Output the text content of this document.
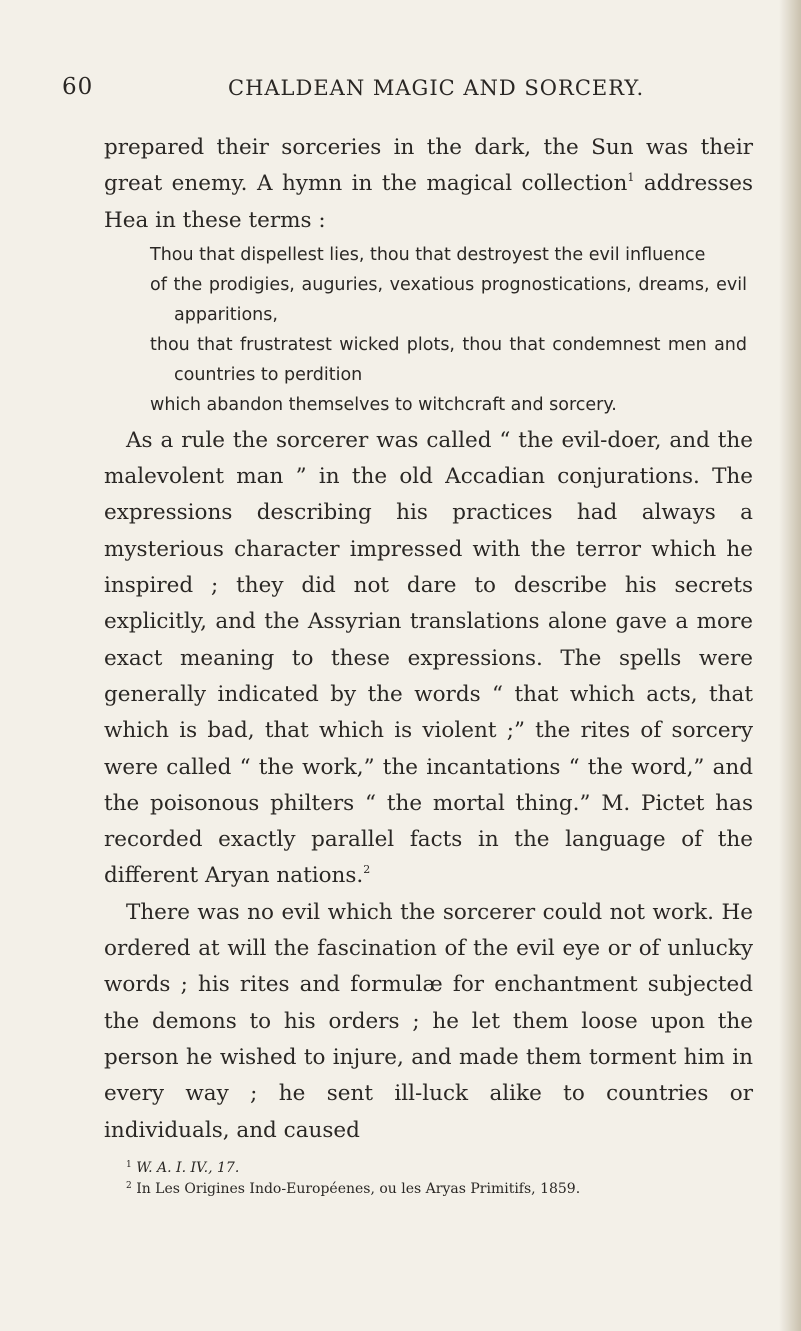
60	CHALDEAN MAGIC AND SORCERY.

prepared their sorceries in the dark, the Sun was their great enemy. A hymn in the magical collection$^1$ addresses Hea in these terms :

Thou that dispellest lies, thou that destroyest the evil influence
of the prodigies, auguries, vexatious prognostications, dreams, evil apparitions,
thou that frustratest wicked plots, thou that condemnest men and countries to perdition
which abandon themselves to witchcraft and sorcery.

As a rule the sorcerer was called “ the evil-doer, and the malevolent man ” in the old Accadian conjurations. The expressions describing his practices had always a mysterious character impressed with the terror which he inspired ; they did not dare to describe his secrets explicitly, and the Assyrian translations alone gave a more exact meaning to these expressions. The spells were generally indicated by the words “ that which acts, that which is bad, that which is violent ;” the rites of sorcery were called “ the work,” the incantations “ the word,” and the poisonous philters “ the mortal thing.” M. Pictet has recorded exactly parallel facts in the language of the different Aryan nations.$^2$

There was no evil which the sorcerer could not work. He ordered at will the fascination of the evil eye or of unlucky words ; his rites and formulæ for enchantment subjected the demons to his orders ; he let them loose upon the person he wished to injure, and made them torment him in every way ; he sent ill-luck alike to countries or individuals, and caused

$^1$ W. A. I. IV., 17.
$^2$ In Les Origines Indo-Européenes, ou les Aryas Primitifs, 1859.
